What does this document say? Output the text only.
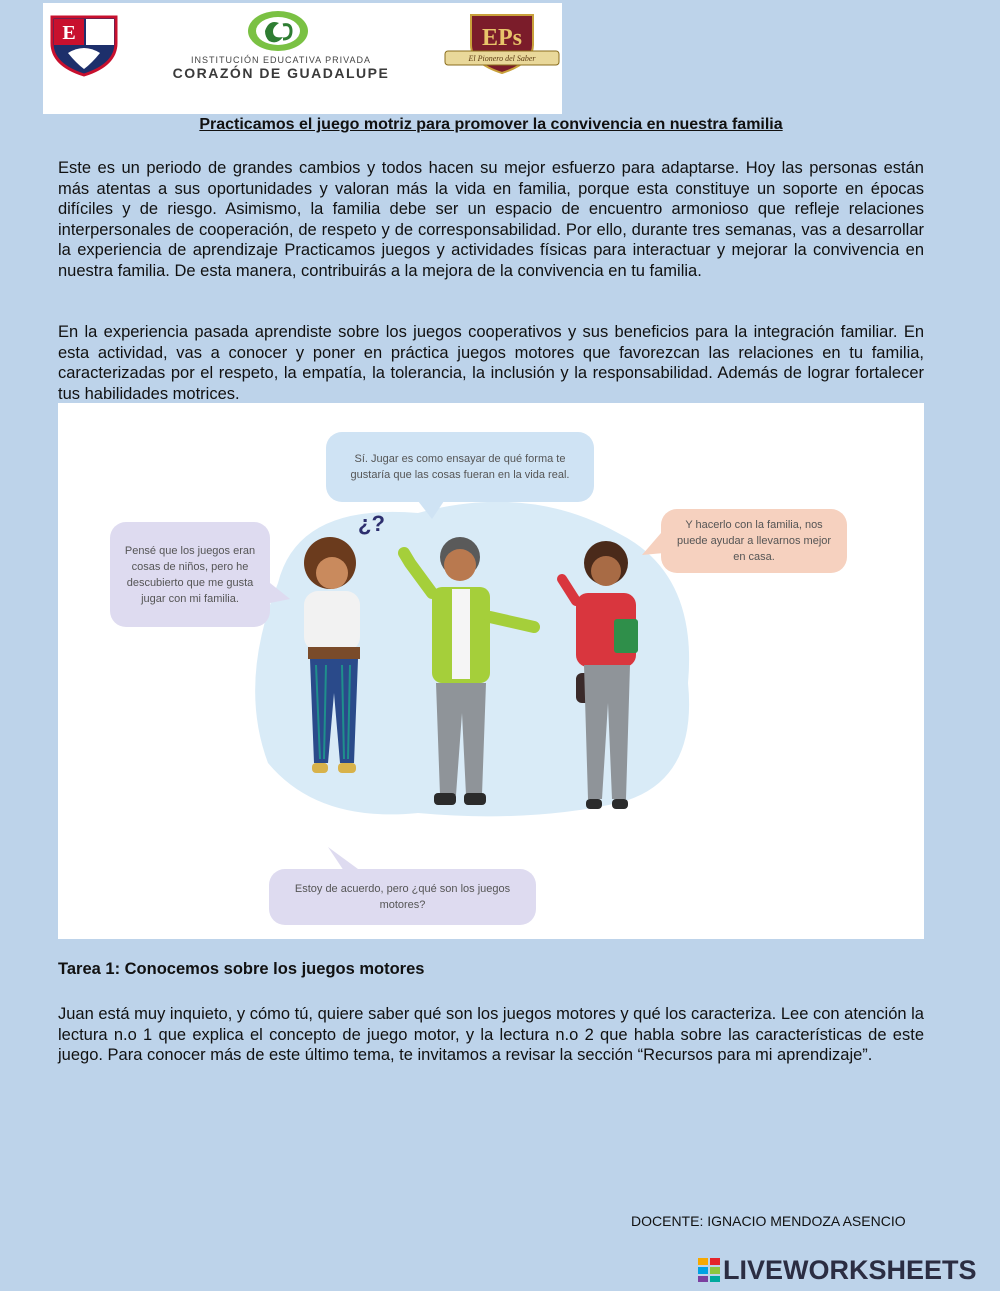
E
INSTITUCIÓN EDUCATIVA PRIVADA
CORAZÓN DE GUADALUPE
EPs
El Pionero del Saber
Practicamos el juego motriz para promover la convivencia en nuestra familia

Este es un periodo de grandes cambios y todos hacen su mejor esfuerzo para adaptarse. Hoy las personas están más atentas a sus oportunidades y valoran más la vida en familia, porque esta constituye un soporte en épocas difíciles y de riesgo. Asimismo, la familia debe ser un espacio de encuentro armonioso que refleje relaciones interpersonales de cooperación, de respeto y de corresponsabilidad. Por ello, durante tres semanas, vas a desarrollar la experiencia de aprendizaje Practicamos juegos y actividades físicas para interactuar y mejorar la convivencia en nuestra familia. De esta manera, contribuirás a la mejora de la convivencia en tu familia.

En la experiencia pasada aprendiste sobre los juegos cooperativos y sus beneficios para la integración familiar. En esta actividad, vas a conocer y poner en práctica juegos motores que favorezcan las relaciones en tu familia, caracterizadas por el respeto, la empatía, la tolerancia, la inclusión y la responsabilidad. Además de lograr fortalecer tus habilidades motrices.

¿?
Sí. Jugar es como ensayar de qué forma te gustaría que las cosas fueran en la vida real.
Pensé que los juegos eran cosas de niños, pero he descubierto que me gusta jugar con mi familia.
Y hacerlo con la familia, nos puede ayudar a llevarnos mejor en casa.
Estoy de acuerdo, pero ¿qué son los juegos motores?
Tarea 1: Conocemos sobre los juegos motores

Juan está muy inquieto, y cómo tú, quiere saber qué son los juegos motores y qué los caracteriza. Lee con atención la lectura n.o 1 que explica el concepto de juego motor, y la lectura n.o 2 que habla sobre las características de este juego. Para conocer más de este último tema, te invitamos a revisar la sección “Recursos para mi aprendizaje”.

DOCENTE: IGNACIO MENDOZA ASENCIO
LIVEWORKSHEETS
